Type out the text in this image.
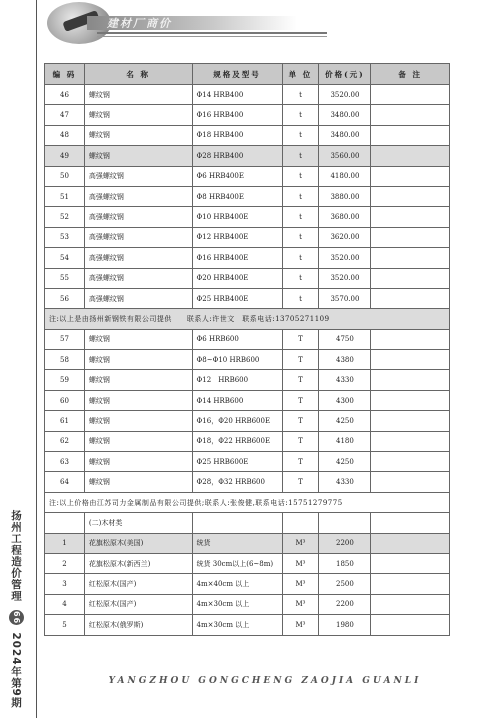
扬州工程造价管理 66 2024年第9期
建材厂商价
编 码	名 称	规格及型号	单 位	价格(元)	备 注
46	螺纹钢	Φ14 HRB400	t	3520.00	
47	螺纹钢	Φ16 HRB400	t	3480.00	
48	螺纹钢	Φ18 HRB400	t	3480.00	
49	螺纹钢	Φ28 HRB400	t	3560.00	
50	高强螺纹钢	Φ6 HRB400E	t	4180.00	
51	高强螺纹钢	Φ8 HRB400E	t	3880.00	
52	高强螺纹钢	Φ10 HRB400E	t	3680.00	
53	高强螺纹钢	Φ12 HRB400E	t	3620.00	
54	高强螺纹钢	Φ16 HRB400E	t	3520.00	
55	高强螺纹钢	Φ20 HRB400E	t	3520.00	
56	高强螺纹钢	Φ25 HRB400E	t	3570.00	
注:以上是由扬州新钢铁有限公司提供　　联系人:许世文　联系电话:13705271109					
57	螺纹钢	Φ6 HRB600	T	4750	
58	螺纹钢	Φ8~Φ10 HRB600	T	4380	
59	螺纹钢	Φ12　HRB600	T	4330	
60	螺纹钢	Φ14 HRB600	T	4300	
61	螺纹钢	Φ16，Φ20 HRB600E	T	4250	
62	螺纹钢	Φ18，Φ22 HRB600E	T	4180	
63	螺纹钢	Φ25 HRB600E	T	4250	
64	螺纹钢	Φ28，Φ32 HRB600	T	4330	
注:以上价格由江苏司力金属制品有限公司提供;联系人:张俊健,联系电话:15751279775					
	(二)木材类				
1	花旗松原木(美国)	统货	M³	2200	
2	花旗松原木(新西兰)	统货 30cm以上(6~8m)	M³	1850	
3	红松原木(国产)	4m×40cm 以上	M³	2500	
4	红松原木(国产)	4m×30cm 以上	M³	2200	
5	红松原木(俄罗斯)	4m×30cm 以上	M³	1980	
YANGZHOU GONGCHENG ZAOJIA GUANLI
